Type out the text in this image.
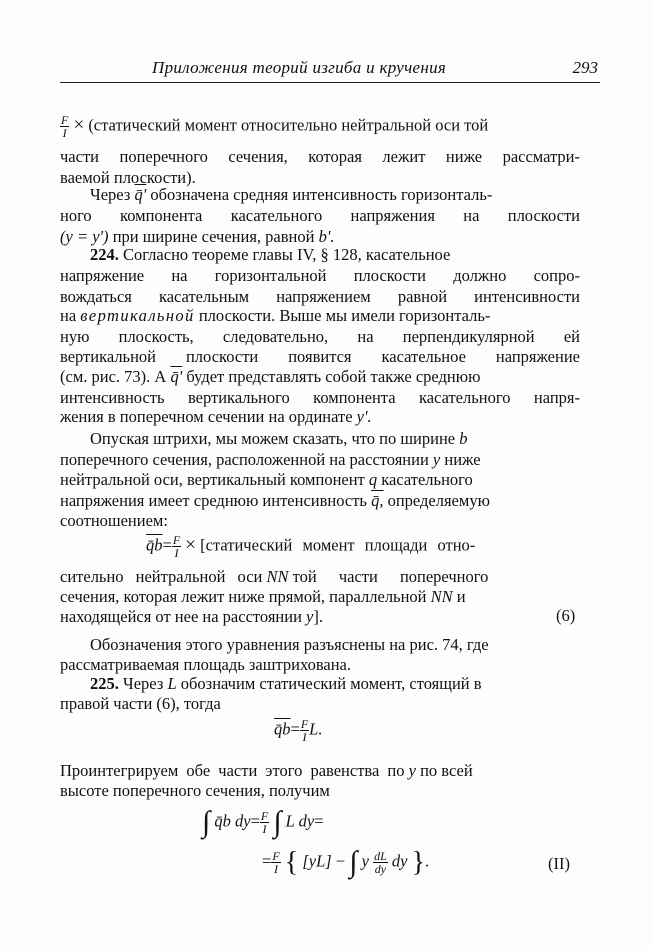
Приложения теорий изгиба и кручения	293
$\frac{F}{I}$ × (статический момент относительно нейтральной оси той
части поперечного сечения, которая лежит ниже рассматри-
ваемой плоскости).
Через q̄' обозначена средняя интенсивность горизонталь-
ного компонента касательного напряжения на плоскости
(y = y') при ширине сечения, равной b'.
224. Согласно теореме главы IV, § 128, касательное
напряжение на горизонтальной плоскости должно сопро-
вождаться касательным напряжением равной интенсивности
на вертикальной плоскости. Выше мы имели горизонталь-
ную плоскость, следовательно, на перпендикулярной ей
вертикальной плоскости появится касательное напряжение
(см. рис. 73). А q̄' будет представлять собой также среднюю
интенсивность вертикального компонента касательного напря-
жения в поперечном сечении на ординате y'.
Опуская штрихи, мы можем сказать, что по ширине b
поперечного сечения, расположенной на расстоянии y ниже
нейтральной оси, вертикальный компонент q касательного
напряжения имеет среднюю интенсивность q̄, определяемую
соотношением:
q̄b= $\frac{F}{I}$ × [статический момент площади отно-
сительно нейтральной оси NN той части поперечного
сечения, которая лежит ниже прямой, параллельной NN и
находящейся от нее на расстоянии y].	(6)
Обозначения этого уравнения разъяснены на рис. 74, где
рассматриваемая площадь заштрихована.
225. Через L обозначим статический момент, стоящий в
правой части (6), тогда
q̄b= $\frac{F}{I} L$.
Проинтегрируем обе части этого равенства по y по всей
высоте поперечного сечения, получим
∫ q̄b $dy= \frac{F}{I}$ ∫ L dy=
= $\frac{F}{I}$ { [yL] − ∫ y $\frac{dL}{dy}$ dy }.	(II)
